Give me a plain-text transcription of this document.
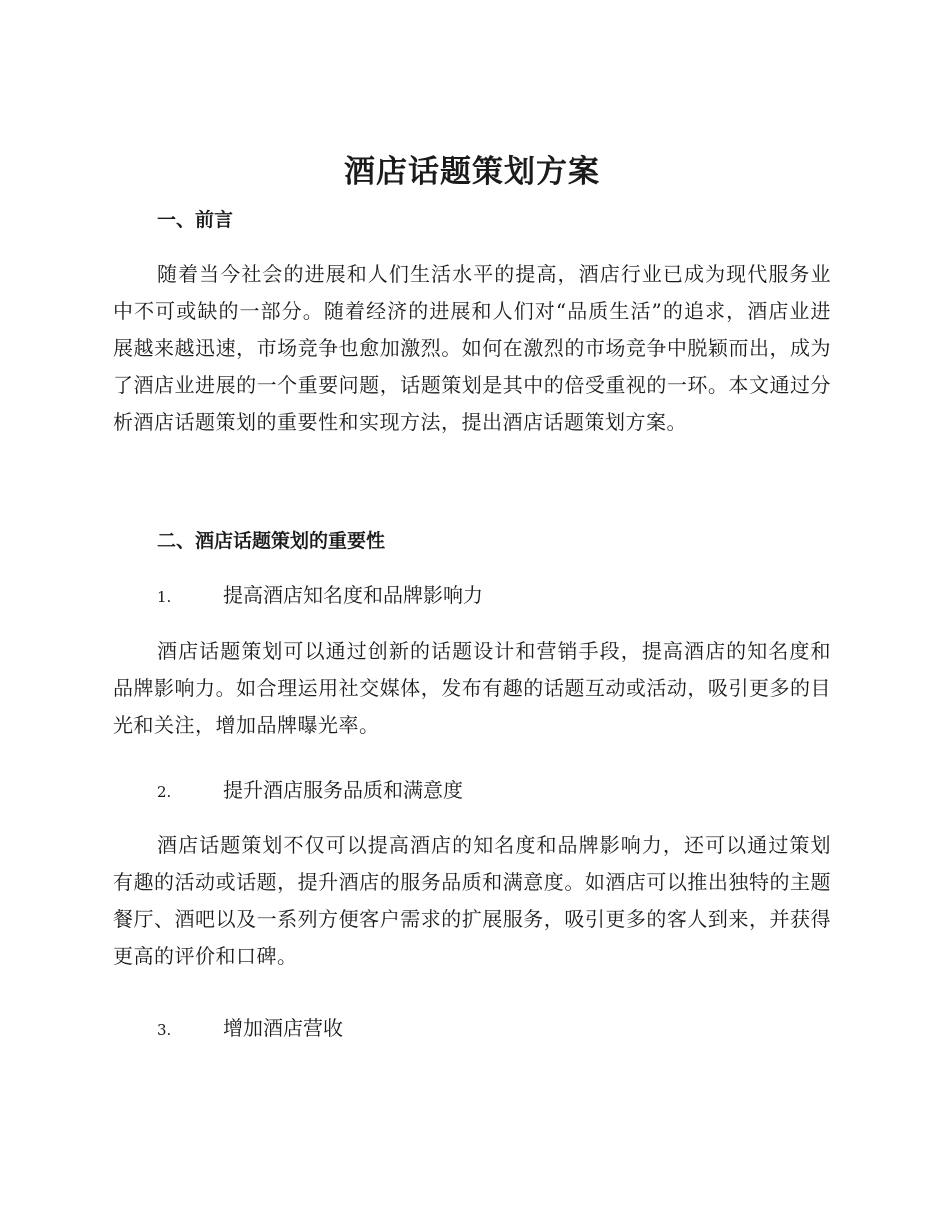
酒店话题策划方案
一、前言

随着当今社会的进展和人们生活水平的提高，酒店行业已成为现代服务业中不可或缺的一部分。随着经济的进展和人们对“品质生活”的追求，酒店业进展越来越迅速，市场竞争也愈加激烈。如何在激烈的市场竞争中脱颖而出，成为了酒店业进展的一个重要问题，话题策划是其中的倍受重视的一环。本文通过分析酒店话题策划的重要性和实现方法，提出酒店话题策划方案。

二、酒店话题策划的重要性
1.	提高酒店知名度和品牌影响力

酒店话题策划可以通过创新的话题设计和营销手段，提高酒店的知名度和品牌影响力。如合理运用社交媒体，发布有趣的话题互动或活动，吸引更多的目光和关注，增加品牌曝光率。

2.	提升酒店服务品质和满意度

酒店话题策划不仅可以提高酒店的知名度和品牌影响力，还可以通过策划有趣的活动或话题，提升酒店的服务品质和满意度。如酒店可以推出独特的主题餐厅、酒吧以及一系列方便客户需求的扩展服务，吸引更多的客人到来，并获得更高的评价和口碑。

3.	增加酒店营收
